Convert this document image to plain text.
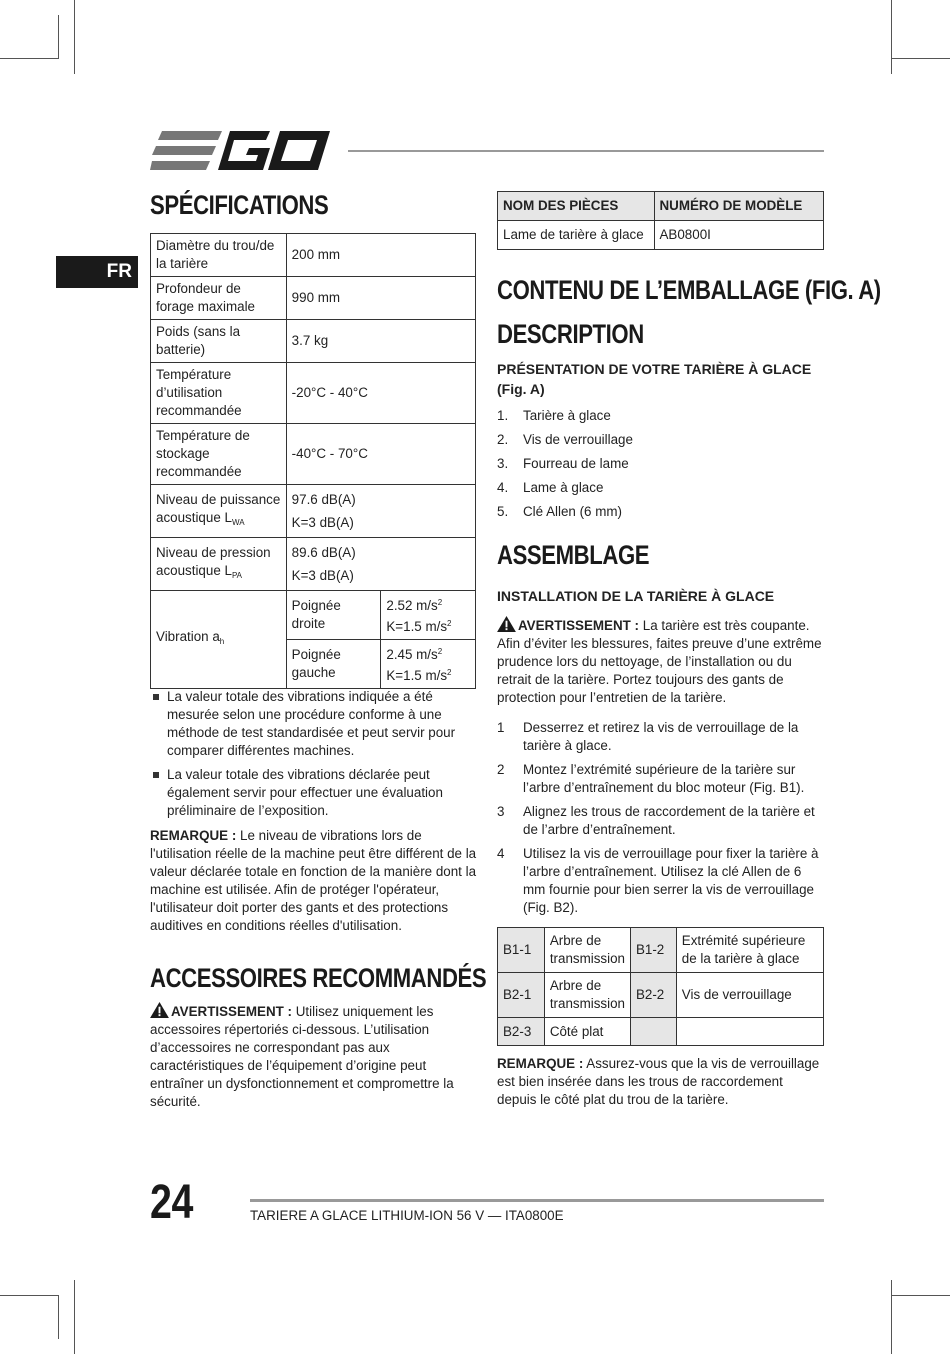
FR
SPÉCIFICATIONS
Diamètre du trou/de la tarière	200 mm	
Profondeur de forage maximale	990 mm	
Poids (sans la batterie)	3.7 kg	
Température d’utilisation recommandée	-20°C - 40°C	
Température de stockage recommandée	-40°C - 70°C	
Niveau de puissance acoustique $L_{WA}$	97.6 dB(A)
K=3 dB(A)	
Niveau de pression acoustique $L_{PA}$	89.6 dB(A)
K=3 dB(A)	
Vibration $a_h$	Poignée droite	2.52 $m/s^2$
K=1.5 $m/s^2$
	Poignée gauche	2.45 $m/s^2$
K=1.5 $m/s^2$
La valeur totale des vibrations indiquée a été mesurée selon une procédure conforme à une méthode de test standardisée et peut servir pour comparer différentes machines.
La valeur totale des vibrations déclarée peut également servir pour effectuer une évaluation préliminaire de l’exposition.

REMARQUE : Le niveau de vibrations lors de l'utilisation réelle de la machine peut être différent de la valeur déclarée totale en fonction de la manière dont la machine est utilisée. Afin de protéger l'opérateur, l'utilisateur doit porter des gants et des protections auditives en conditions réelles d'utilisation.

ACCESSOIRES RECOMMANDÉS

AVERTISSEMENT : Utilisez uniquement les accessoires répertoriés ci-dessous. L’utilisation d’accessoires ne correspondant pas aux caractéristiques de l’équipement d’origine peut entraîner un dysfonctionnement et compromettre la sécurité.

NOM DES PIÈCES	NUMÉRO DE MODÈLE
Lame de tarière à glace	AB0800I
CONTENU DE L’EMBALLAGE (FIG. A)
DESCRIPTION
PRÉSENTATION DE VOTRE TARIÈRE À GLACE
(Fig. A)
1. Tarière à glace
2. Vis de verrouillage
3. Fourreau de lame
4. Lame à glace
5. Clé Allen (6 mm)
ASSEMBLAGE
INSTALLATION DE LA TARIÈRE À GLACE

AVERTISSEMENT : La tarière est très coupante. Afin d’éviter les blessures, faites preuve d’une extrême prudence lors du nettoyage, de l’installation ou du retrait de la tarière. Portez toujours des gants de protection pour l’entretien de la tarière.

1 Desserrez et retirez la vis de verrouillage de la tarière à glace.
2 Montez l’extrémité supérieure de la tarière sur l’arbre d’entraînement du bloc moteur (Fig. B1).
3 Alignez les trous de raccordement de la tarière et de l’arbre d’entraînement.
4 Utilisez la vis de verrouillage pour fixer la tarière à l’arbre d’entraînement. Utilisez la clé Allen de 6 mm fournie pour bien serrer la vis de verrouillage (Fig. B2).
B1-1	Arbre de transmission	B1-2	Extrémité supérieure de la tarière à glace
B2-1	Arbre de transmission	B2-2	Vis de verrouillage
B2-3	Côté plat		

REMARQUE : Assurez-vous que la vis de verrouillage est bien insérée dans les trous de raccordement depuis le côté plat du trou de la tarière.

24	TARIERE A GLACE LITHIUM-ION 56 V — ITA0800E
